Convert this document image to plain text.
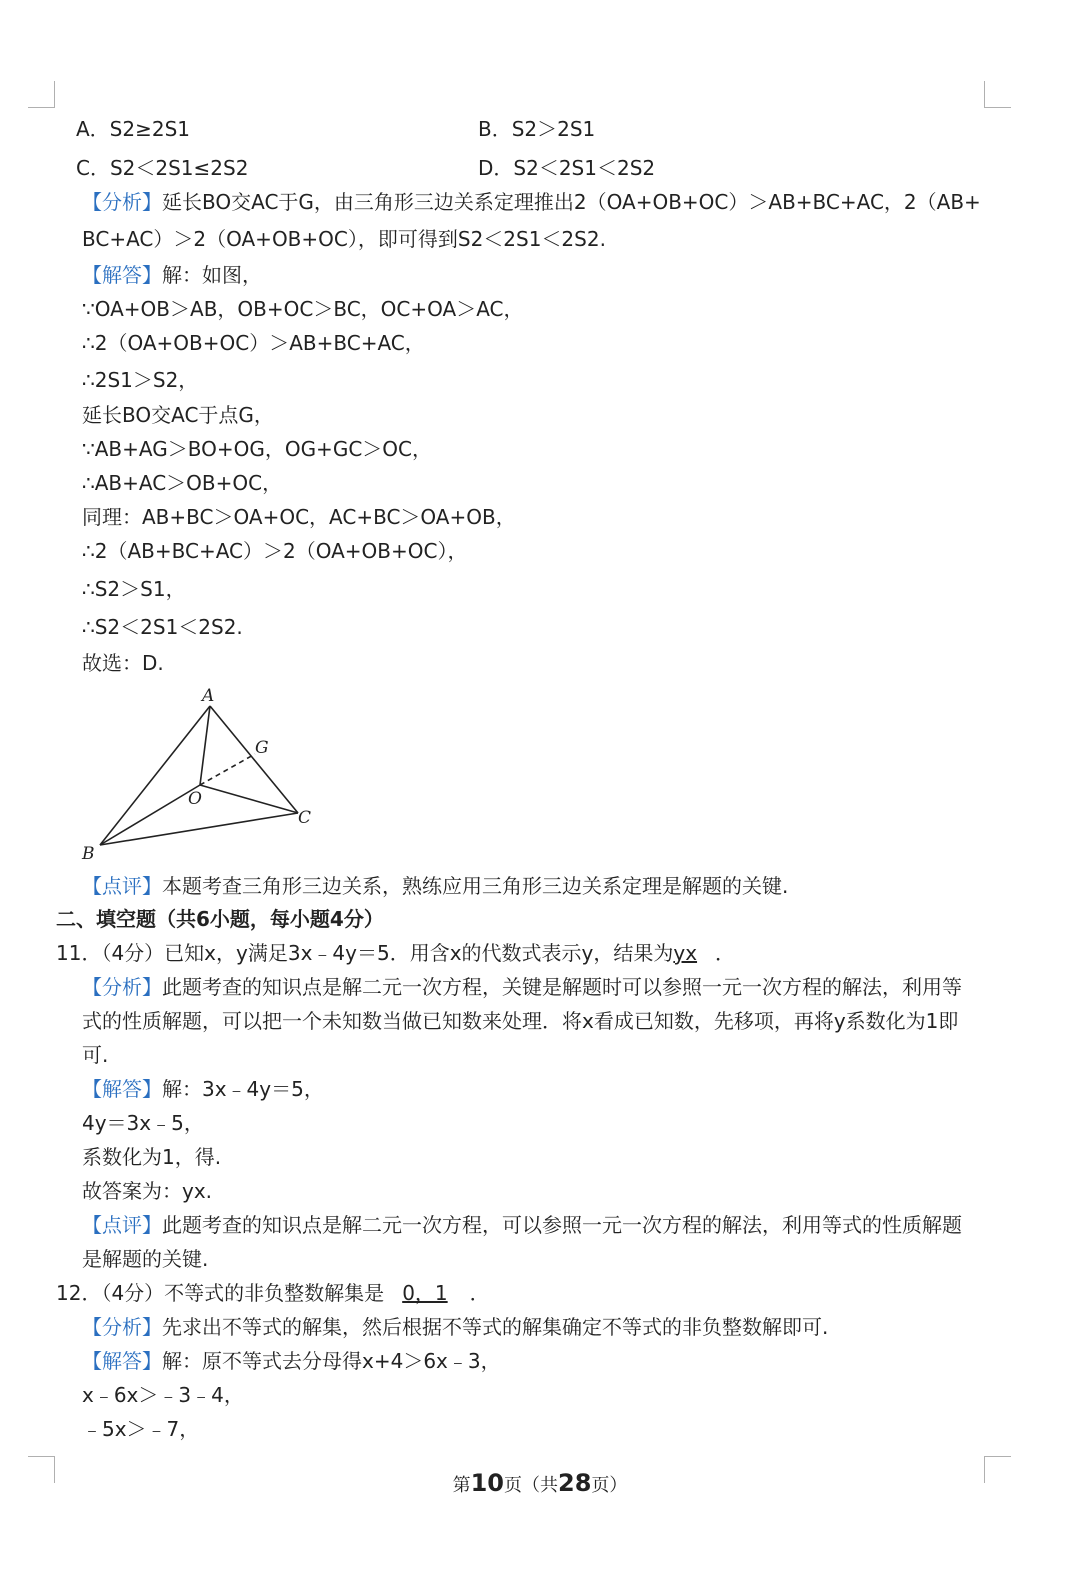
A．S2≥2S1	B．S2＞2S1
C．S2＜2S1≤2S2	D．S2＜2S1＜2S2
【分析】延长BO交AC于G，由三角形三边关系定理推出2（OA+OB+OC）＞AB+BC+AC，2（AB+
BC+AC）＞2（OA+OB+OC），即可得到S2＜2S1＜2S2.
【解答】解：如图，
∵OA+OB＞AB，OB+OC＞BC，OC+OA＞AC，
∴2（OA+OB+OC）＞AB+BC+AC，
∴2S1＞S2，
延长BO交AC于点G，
∵AB+AG＞BO+OG，OG+GC＞OC，
∴AB+AC＞OB+OC，
同理：AB+BC＞OA+OC，AC+BC＞OA+OB，
∴2（AB+BC+AC）＞2（OA+OB+OC），
∴S2＞S1，
∴S2＜2S1＜2S2.
故选：D.
A
G
O
C
B
【点评】本题考查三角形三边关系，熟练应用三角形三边关系定理是解题的关键.
二、填空题（共6小题，每小题4分）
11．（4分）已知x，y满足3x﹣4y＝5．用含x的代数式表示y，结果为yx ．
【分析】此题考查的知识点是解二元一次方程，关键是解题时可以参照一元一次方程的解法，利用等
式的性质解题，可以把一个未知数当做已知数来处理．将x看成已知数，先移项，再将y系数化为1即
可.
【解答】解：3x﹣4y＝5，
4y＝3x﹣5，
系数化为1，得.
故答案为：yx.
【点评】此题考查的知识点是解二元一次方程，可以参照一元一次方程的解法，利用等式的性质解题
是解题的关键.
12．（4分）不等式的非负整数解集是 0，1 ．
【分析】先求出不等式的解集，然后根据不等式的解集确定不等式的非负整数解即可.
【解答】解：原不等式去分母得x+4＞6x﹣3，
x﹣6x＞﹣3﹣4，
﹣5x＞﹣7，
第10页（共28页）
